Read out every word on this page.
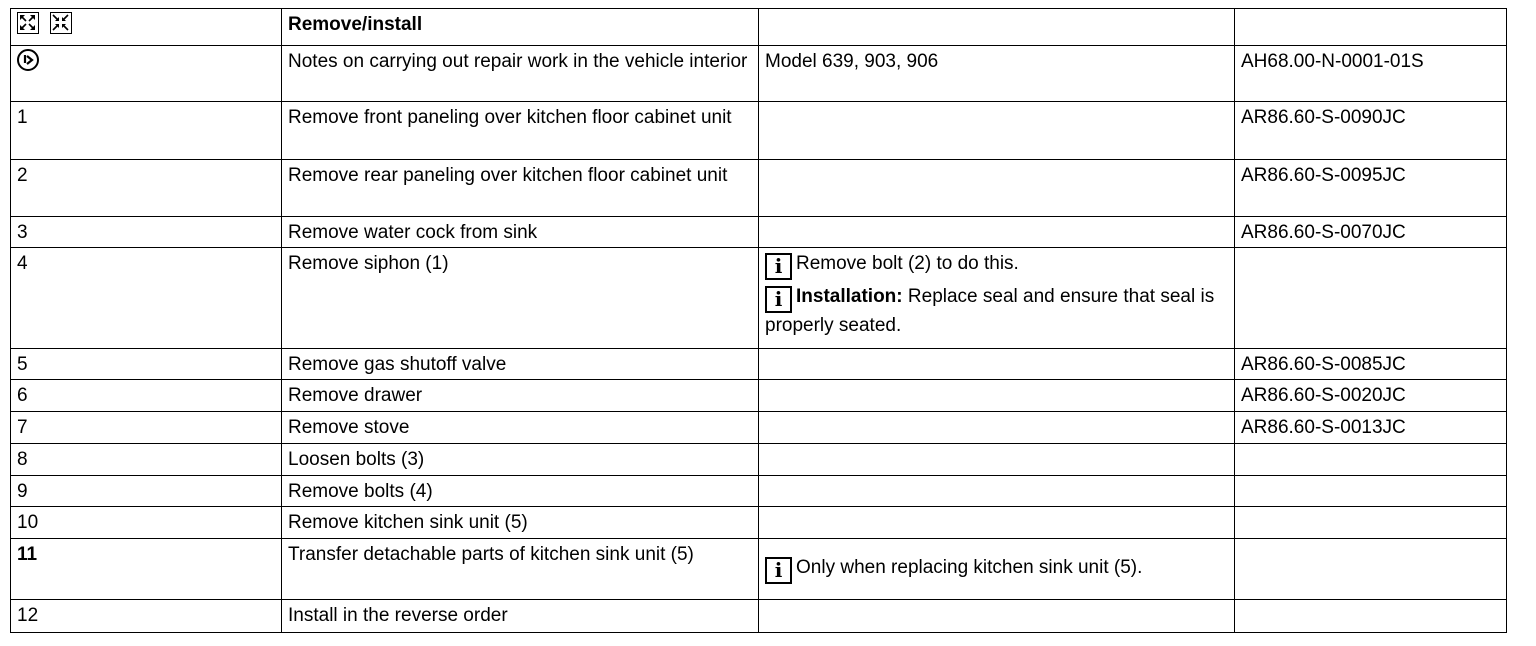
	Remove/install		

	Notes on carrying out repair work in the vehicle interior	Model 639, 903, 906	AH68.00-N-0001-01S
1	Remove front paneling over kitchen floor cabinet unit		AR86.60-S-0090JC
2	Remove rear paneling over kitchen floor cabinet unit		AR86.60-S-0095JC
3	Remove water cock from sink		AR86.60-S-0070JC
4	Remove siphon (1)	i Remove bolt (2) to do this.
i Installation: Replace seal and ensure that seal is properly seated.	

5	Remove gas shutoff valve		AR86.60-S-0085JC
6	Remove drawer		AR86.60-S-0020JC
7	Remove stove		AR86.60-S-0013JC
8	Loosen bolts (3)		
9	Remove bolts (4)		
10	Remove kitchen sink unit (5)		
11	Transfer detachable parts of kitchen sink unit (5)	i Only when replacing kitchen sink unit (5).	

12	Install in the reverse order		
